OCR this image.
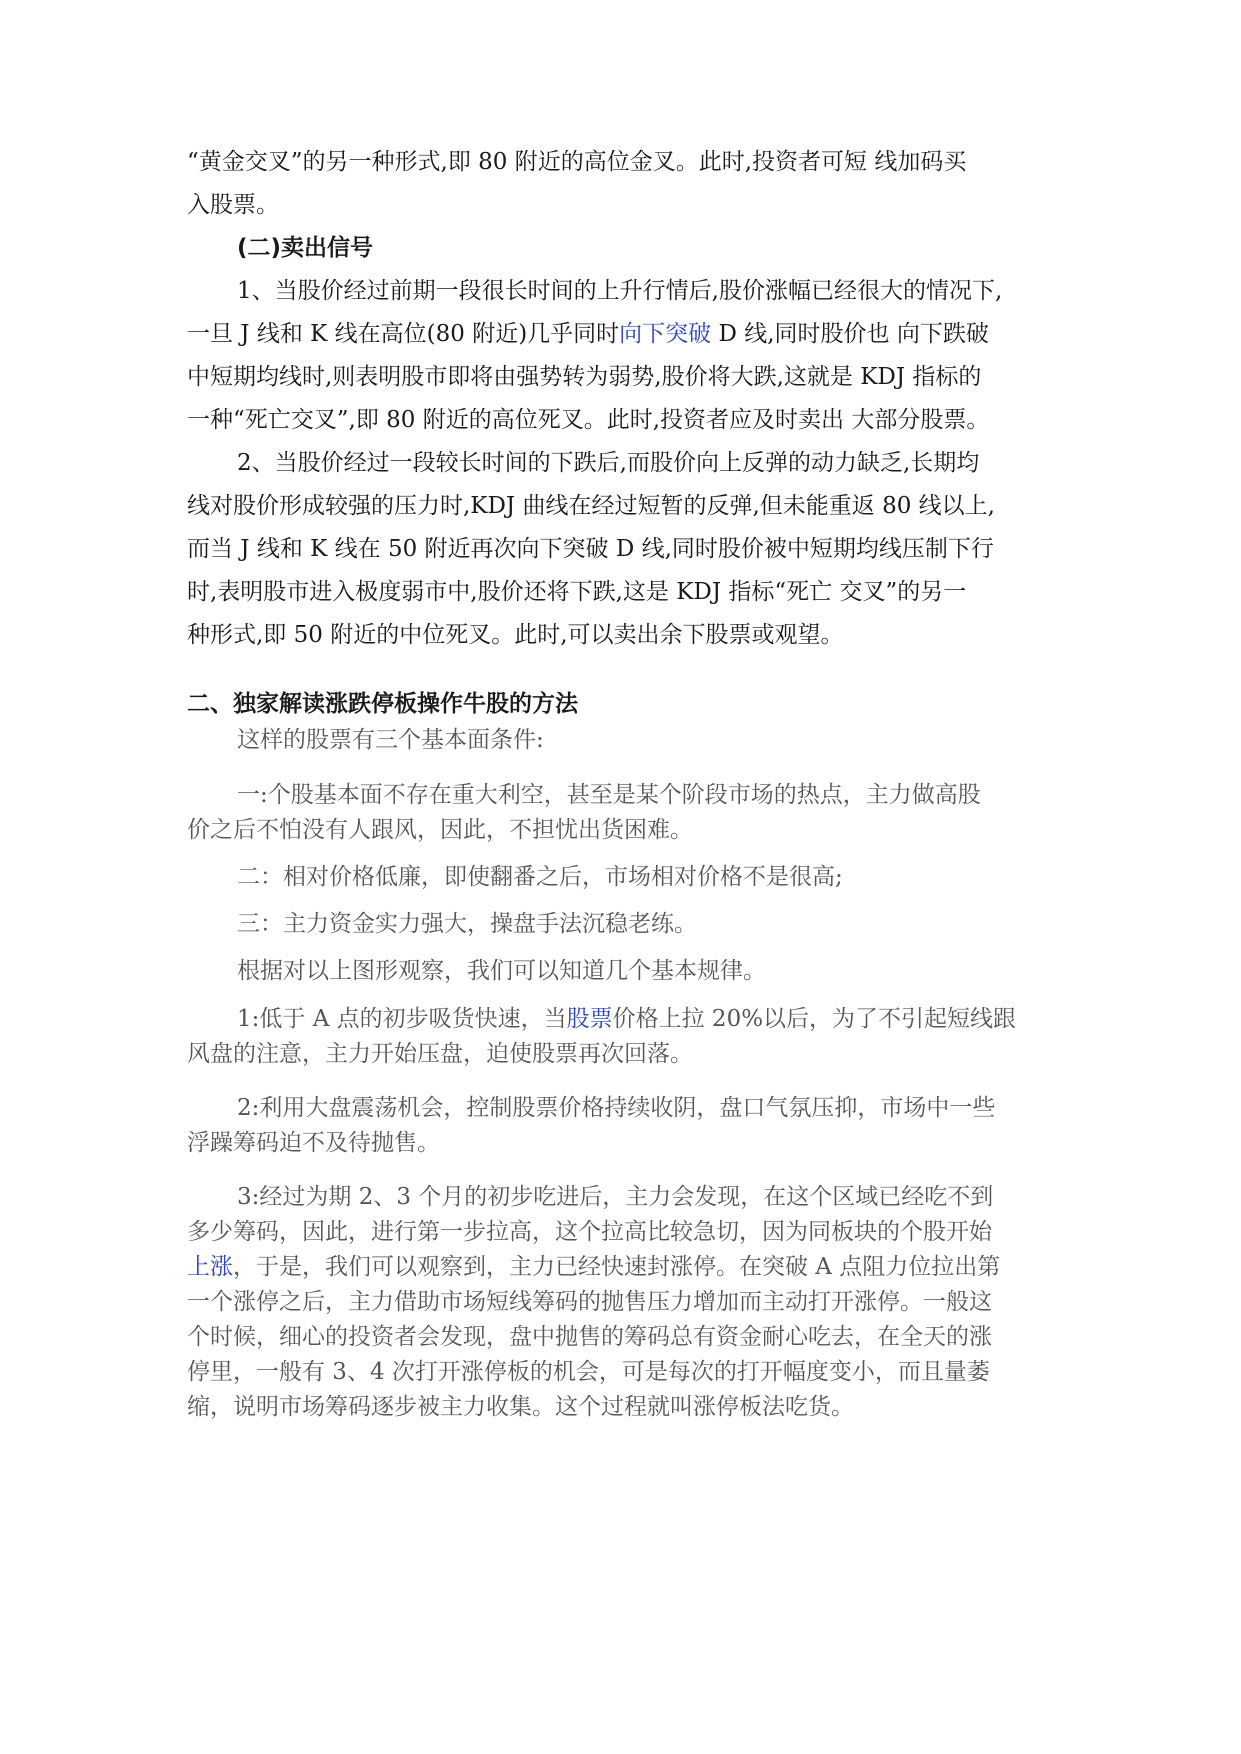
“黄金交叉”的另一种形式,即 80 附近的高位金叉。此时,投资者可短 线加码买
入股票。
(二)卖出信号
1、当股价经过前期一段很长时间的上升行情后,股价涨幅已经很大的情况下,
一旦 J 线和 K 线在高位(80 附近)几乎同时向下突破 D 线,同时股价也 向下跌破
中短期均线时,则表明股市即将由强势转为弱势,股价将大跌,这就是 KDJ 指标的
一种“死亡交叉”,即 80 附近的高位死叉。此时,投资者应及时卖出 大部分股票。
2、当股价经过一段较长时间的下跌后,而股价向上反弹的动力缺乏,长期均
线对股价形成较强的压力时,KDJ 曲线在经过短暂的反弹,但未能重返 80 线以上,
而当 J 线和 K 线在 50 附近再次向下突破 D 线,同时股价被中短期均线压制下行
时,表明股市进入极度弱市中,股价还将下跌,这是 KDJ 指标“死亡 交叉”的另一
种形式,即 50 附近的中位死叉。此时,可以卖出余下股票或观望。
二、独家解读涨跌停板操作牛股的方法
这样的股票有三个基本面条件:
一:个股基本面不存在重大利空，甚至是某个阶段市场的热点，主力做高股
价之后不怕没有人跟风，因此，不担忧出货困难。
二：相对价格低廉，即使翻番之后，市场相对价格不是很高;
三：主力资金实力强大，操盘手法沉稳老练。
根据对以上图形观察，我们可以知道几个基本规律。
1:低于 A 点的初步吸货快速，当股票价格上拉 20%以后，为了不引起短线跟
风盘的注意，主力开始压盘，迫使股票再次回落。
2:利用大盘震荡机会，控制股票价格持续收阴，盘口气氛压抑，市场中一些
浮躁筹码迫不及待抛售。
3:经过为期 2、3 个月的初步吃进后，主力会发现，在这个区域已经吃不到
多少筹码，因此，进行第一步拉高，这个拉高比较急切，因为同板块的个股开始
上涨，于是，我们可以观察到，主力已经快速封涨停。在突破 A 点阻力位拉出第
一个涨停之后，主力借助市场短线筹码的抛售压力增加而主动打开涨停。一般这
个时候，细心的投资者会发现，盘中抛售的筹码总有资金耐心吃去，在全天的涨
停里，一般有 3、4 次打开涨停板的机会，可是每次的打开幅度变小，而且量萎
缩，说明市场筹码逐步被主力收集。这个过程就叫涨停板法吃货。
